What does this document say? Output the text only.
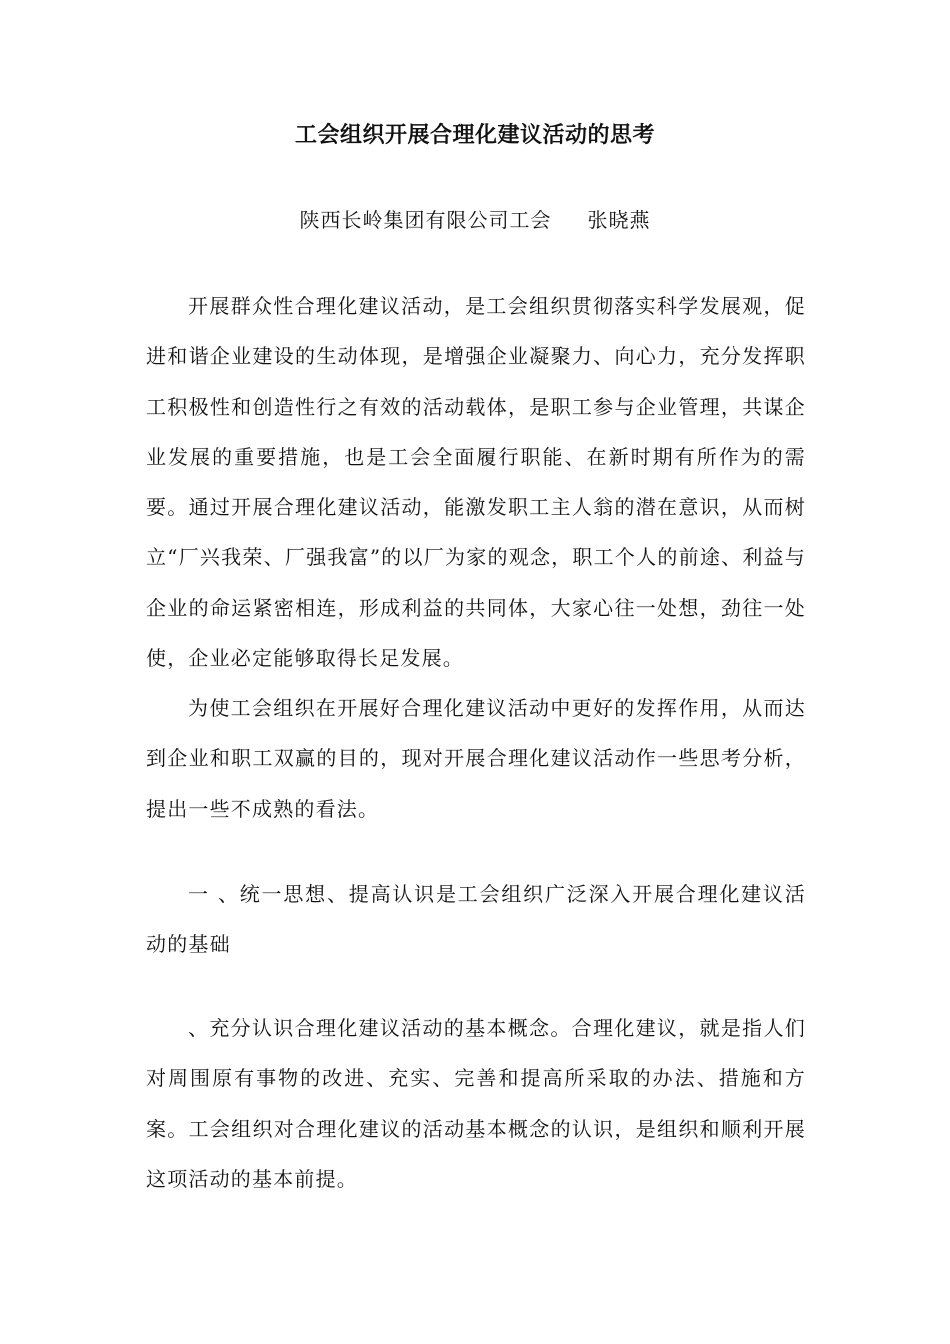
工会组织开展合理化建议活动的思考
陕西长岭集团有限公司工会 张晓燕

开展群众性合理化建议活动，是工会组织贯彻落实科学发展观，促进和谐企业建设的生动体现，是增强企业凝聚力、向心力，充分发挥职工积极性和创造性行之有效的活动载体，是职工参与企业管理，共谋企业发展的重要措施，也是工会全面履行职能、在新时期有所作为的需要。通过开展合理化建议活动，能激发职工主人翁的潜在意识，从而树立“厂兴我荣、厂强我富”的以厂为家的观念，职工个人的前途、利益与企业的命运紧密相连，形成利益的共同体，大家心往一处想，劲往一处使，企业必定能够取得长足发展。

为使工会组织在开展好合理化建议活动中更好的发挥作用，从而达到企业和职工双赢的目的，现对开展合理化建议活动作一些思考分析，提出一些不成熟的看法。

一 、统一思想、提高认识是工会组织广泛深入开展合理化建议活动的基础

、充分认识合理化建议活动的基本概念。合理化建议，就是指人们对周围原有事物的改进、充实、完善和提高所采取的办法、措施和方案。工会组织对合理化建议的活动基本概念的认识，是组织和顺利开展这项活动的基本前提。
